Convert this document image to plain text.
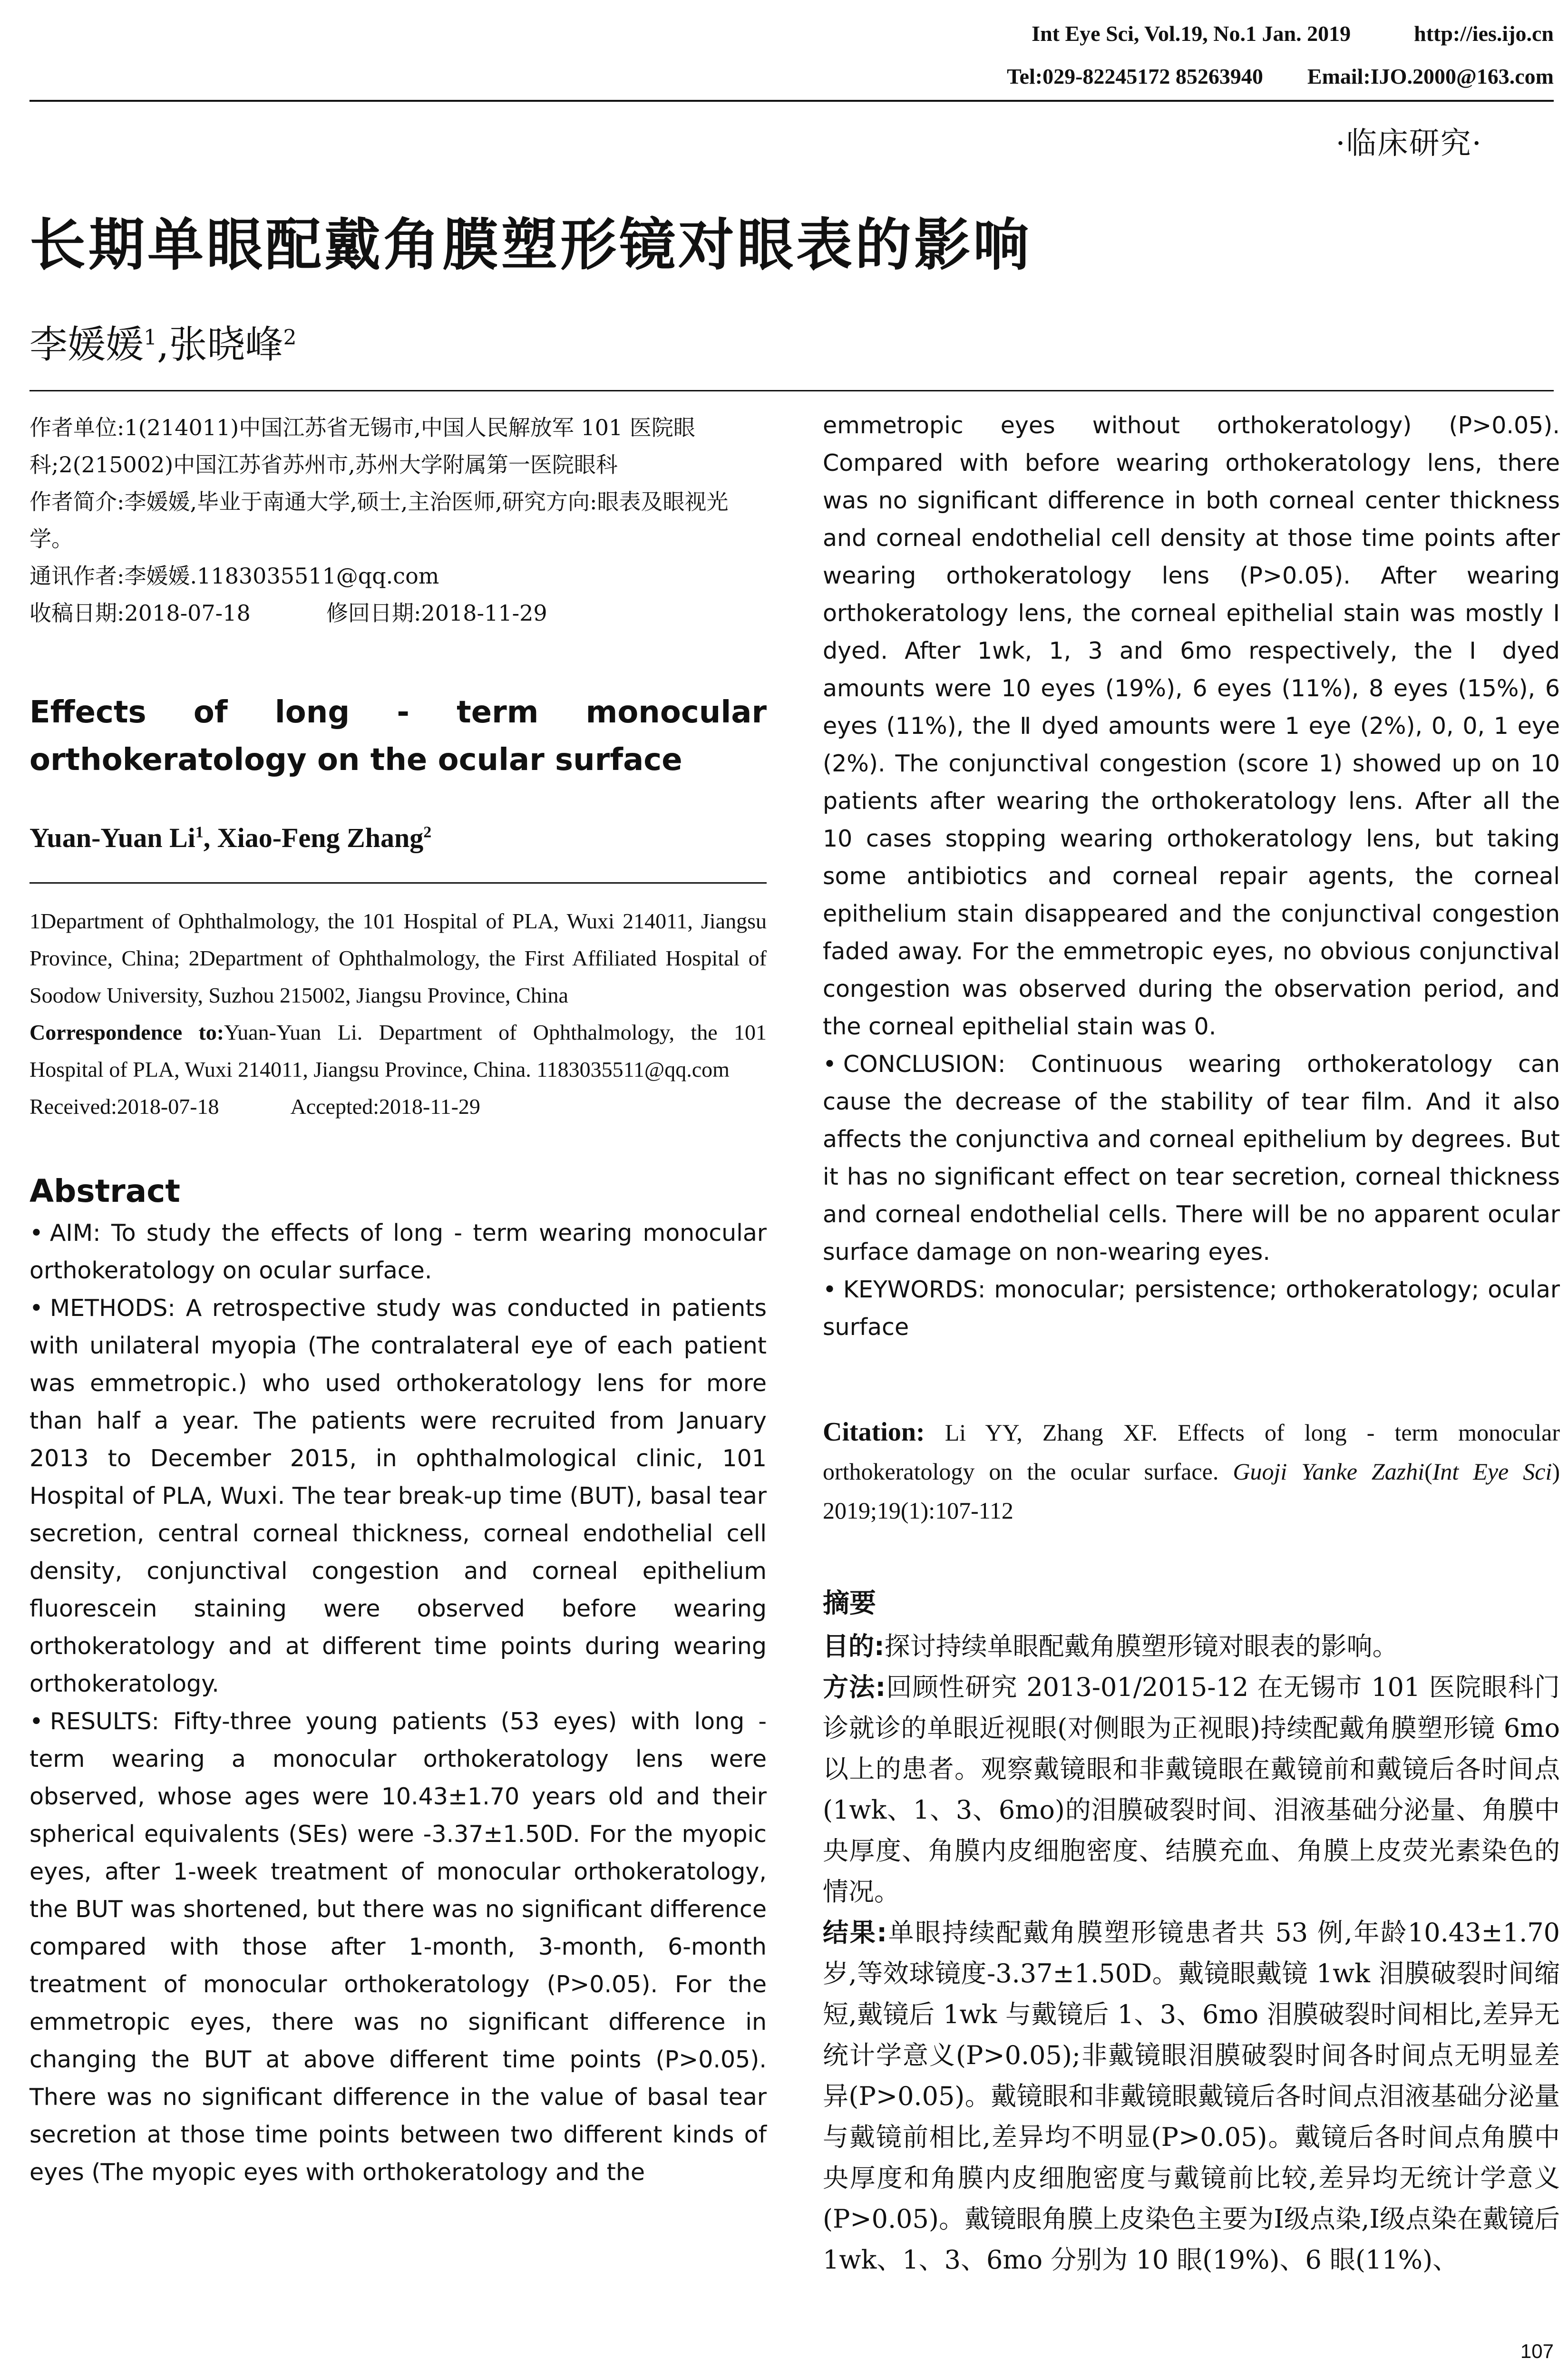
Int Eye Sci, Vol.19, No.1 Jan. 2019	http://ies.ijo.cn
Tel:029-82245172 85263940 Email:IJO.2000@163.com
·临床研究·
长期单眼配戴角膜塑形镜对眼表的影响
李媛媛$^1$,张晓峰$^2$

作者单位:1(214011)中国江苏省无锡市,中国人民解放军 101 医院眼科;2(215002)中国江苏省苏州市,苏州大学附属第一医院眼科

作者简介:李媛媛,毕业于南通大学,硕士,主治医师,研究方向:眼表及眼视光学。

通讯作者:李媛媛.1183035511@qq.com

收稿日期:2018-07-18	修回日期:2018-11-29

Effects of long - term monocular orthokeratology on the ocular surface
Yuan-Yuan Li$^1$, Xiao-Feng Zhang$^2$

1Department of Ophthalmology, the 101 Hospital of PLA, Wuxi 214011, Jiangsu Province, China; 2Department of Ophthalmology, the First Affiliated Hospital of Soodow University, Suzhou 215002, Jiangsu Province, China

Correspondence to:Yuan-Yuan Li. Department of Ophthalmology, the 101 Hospital of PLA, Wuxi 214011, Jiangsu Province, China. 1183035511@qq.com

Received:2018-07-18	Accepted:2018-11-29

Abstract

• AIM: To study the effects of long - term wearing monocular orthokeratology on ocular surface.

• METHODS: A retrospective study was conducted in patients with unilateral myopia (The contralateral eye of each patient was emmetropic.) who used orthokeratology lens for more than half a year. The patients were recruited from January 2013 to December 2015, in ophthalmological clinic, 101 Hospital of PLA, Wuxi. The tear break-up time (BUT), basal tear secretion, central corneal thickness, corneal endothelial cell density, conjunctival congestion and corneal epithelium fluorescein staining were observed before wearing orthokeratology and at different time points during wearing orthokeratology.

• RESULTS: Fifty-three young patients (53 eyes) with long - term wearing a monocular orthokeratology lens were observed, whose ages were 10.43±1.70 years old and their spherical equivalents (SEs) were -3.37±1.50D. For the myopic eyes, after 1-week treatment of monocular orthokeratology, the BUT was shortened, but there was no significant difference compared with those after 1-month, 3-month, 6-month treatment of monocular orthokeratology (P>0.05). For the emmetropic eyes, there was no significant difference in changing the BUT at above different time points (P>0.05). There was no significant difference in the value of basal tear secretion at those time points between two different kinds of eyes (The myopic eyes with orthokeratology and the

emmetropic eyes without orthokeratology) (P>0.05). Compared with before wearing orthokeratology lens, there was no significant difference in both corneal center thickness and corneal endothelial cell density at those time points after wearing orthokeratology lens (P>0.05). After wearing orthokeratology lens, the corneal epithelial stain was mostly Ⅰ dyed. After 1wk, 1, 3 and 6mo respectively, the Ⅰ dyed amounts were 10 eyes (19%), 6 eyes (11%), 8 eyes (15%), 6 eyes (11%), the Ⅱ dyed amounts were 1 eye (2%), 0, 0, 1 eye (2%). The conjunctival congestion (score 1) showed up on 10 patients after wearing the orthokeratology lens. After all the 10 cases stopping wearing orthokeratology lens, but taking some antibiotics and corneal repair agents, the corneal epithelium stain disappeared and the conjunctival congestion faded away. For the emmetropic eyes, no obvious conjunctival congestion was observed during the observation period, and the corneal epithelial stain was 0.

• CONCLUSION: Continuous wearing orthokeratology can cause the decrease of the stability of tear film. And it also affects the conjunctiva and corneal epithelium by degrees. But it has no significant effect on tear secretion, corneal thickness and corneal endothelial cells. There will be no apparent ocular surface damage on non-wearing eyes.

• KEYWORDS: monocular; persistence; orthokeratology; ocular surface

Citation: Li YY, Zhang XF. Effects of long - term monocular orthokeratology on the ocular surface. Guoji Yanke Zazhi(Int Eye Sci) 2019;19(1):107-112
摘要

目的:探讨持续单眼配戴角膜塑形镜对眼表的影响。

方法:回顾性研究 2013-01/2015-12 在无锡市 101 医院眼科门诊就诊的单眼近视眼(对侧眼为正视眼)持续配戴角膜塑形镜 6mo 以上的患者。观察戴镜眼和非戴镜眼在戴镜前和戴镜后各时间点(1wk、1、3、6mo)的泪膜破裂时间、泪液基础分泌量、角膜中央厚度、角膜内皮细胞密度、结膜充血、角膜上皮荧光素染色的情况。

结果:单眼持续配戴角膜塑形镜患者共 53 例,年龄10.43±1.70 岁,等效球镜度-3.37±1.50D。戴镜眼戴镜 1wk 泪膜破裂时间缩短,戴镜后 1wk 与戴镜后 1、3、6mo 泪膜破裂时间相比,差异无统计学意义(P>0.05);非戴镜眼泪膜破裂时间各时间点无明显差异(P>0.05)。戴镜眼和非戴镜眼戴镜后各时间点泪液基础分泌量与戴镜前相比,差异均不明显(P>0.05)。戴镜后各时间点角膜中央厚度和角膜内皮细胞密度与戴镜前比较,差异均无统计学意义(P>0.05)。戴镜眼角膜上皮染色主要为Ⅰ级点染,Ⅰ级点染在戴镜后 1wk、1、3、6mo 分别为 10 眼(19%)、6 眼(11%)、

107
